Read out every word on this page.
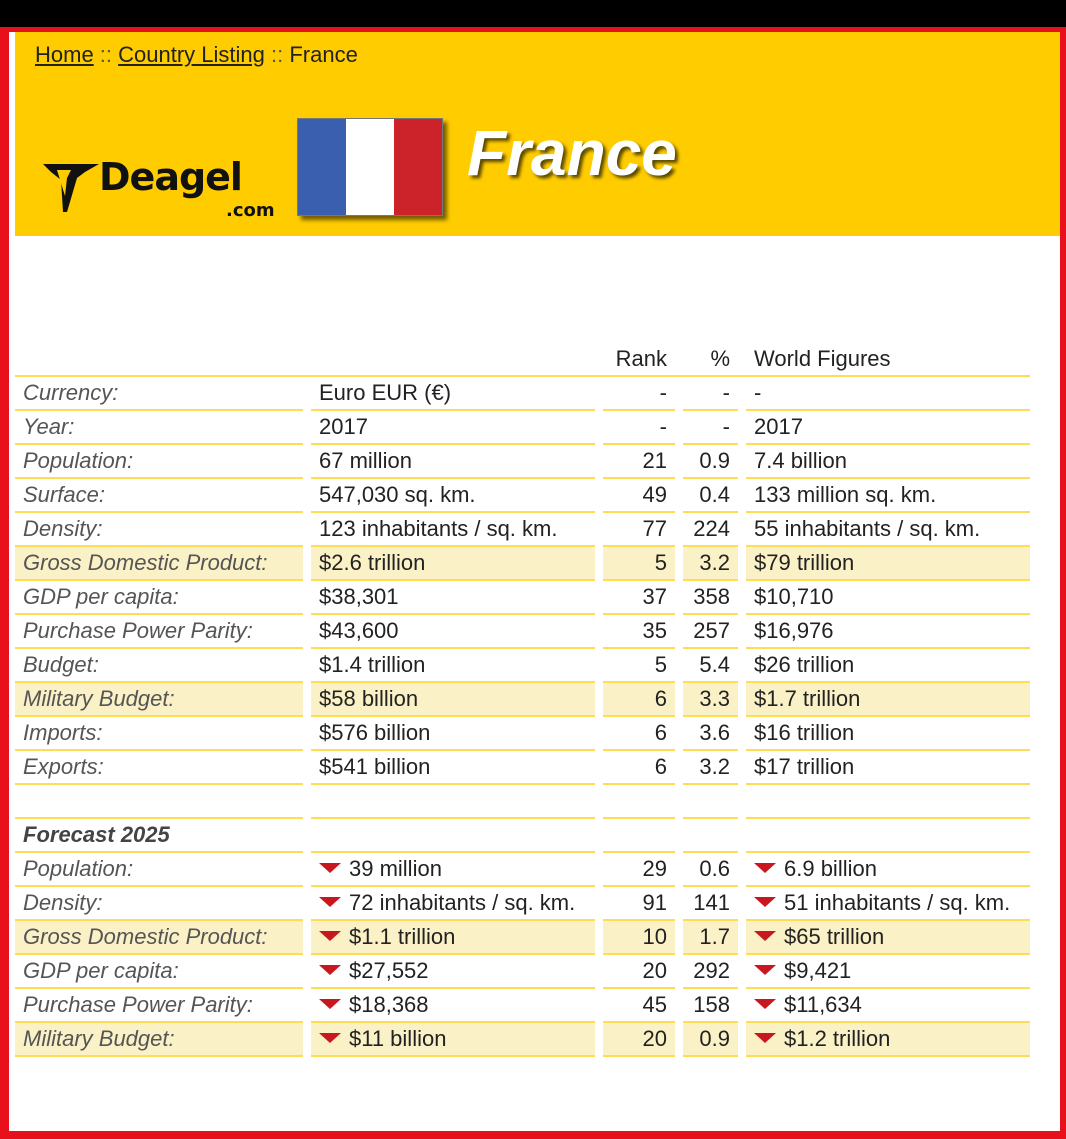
Home :: Country Listing :: France
Deagel
.com
France
				Rank		%		World Figures
Currency:		Euro EUR (€)		-		-		-
Year:		2017		-		-		2017
Population:		67 million		21		0.9		7.4 billion
Surface:		547,030 sq. km.		49		0.4		133 million sq. km.
Density:		123 inhabitants / sq. km.		77		224		55 inhabitants / sq. km.
Gross Domestic Product:		$2.6 trillion		5		3.2		$79 trillion
GDP per capita:		$38,301		37		358		$10,710
Purchase Power Parity:		$43,600		35		257		$16,976
Budget:		$1.4 trillion		5		5.4		$26 trillion
Military Budget:		$58 billion		6		3.3		$1.7 trillion
Imports:		$576 billion		6		3.6		$16 trillion
Exports:		$541 billion		6		3.2		$17 trillion

Forecast 2025								
Population:		39 million		29		0.6		6.9 billion
Density:		72 inhabitants / sq. km.		91		141		51 inhabitants / sq. km.
Gross Domestic Product:		$1.1 trillion		10		1.7		$65 trillion
GDP per capita:		$27,552		20		292		$9,421
Purchase Power Parity:		$18,368		45		158		$11,634
Military Budget:		$11 billion		20		0.9		$1.2 trillion
